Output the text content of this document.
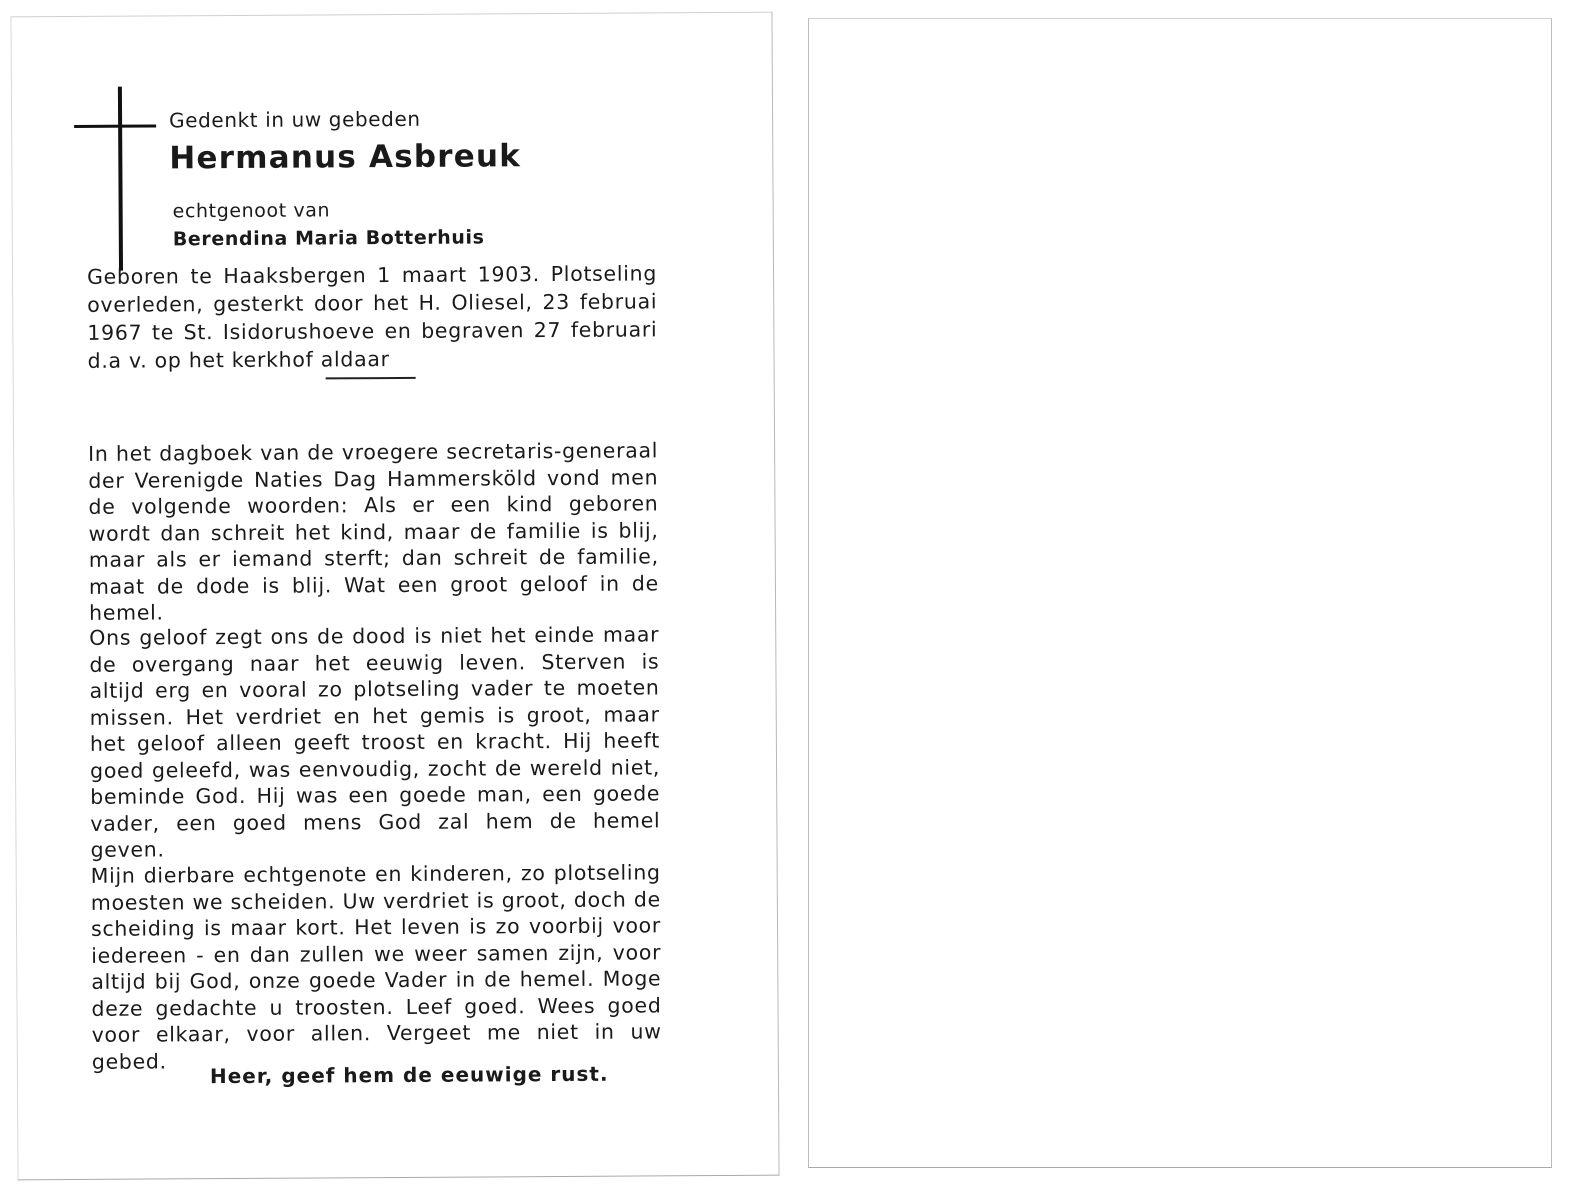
Gedenkt in uw gebeden

Hermanus Asbreuk

echtgenoot van

Berendina Maria Botterhuis

Geboren te Haaksbergen 1 maart 1903. Plotseling overleden, gesterkt door het H. Oliesel, 23 februai 1967 te St. Isidorushoeve en begraven 27 februari d.a v. op het kerkhof aldaar

In het dagboek van de vroegere secretaris-generaal der Verenigde Naties Dag Hammersköld vond men de volgende woorden: Als er een kind geboren wordt dan schreit het kind, maar de familie is blij, maar als er iemand sterft; dan schreit de familie, maat de dode is blij. Wat een groot geloof in de hemel.

Ons geloof zegt ons de dood is niet het einde maar de overgang naar het eeuwig leven. Sterven is altijd erg en vooral zo plotseling vader te moeten missen. Het verdriet en het gemis is groot, maar het geloof alleen geeft troost en kracht. Hij heeft goed geleefd, was eenvoudig, zocht de wereld niet, beminde God. Hij was een goede man, een goede vader, een goed mens God zal hem de hemel geven.

Mijn dierbare echtgenote en kinderen, zo plotseling moesten we scheiden. Uw verdriet is groot, doch de scheiding is maar kort. Het leven is zo voorbij voor iedereen - en dan zullen we weer samen zijn, voor altijd bij God, onze goede Vader in de hemel. Moge deze gedachte u troosten. Leef goed. Wees goed voor elkaar, voor allen. Vergeet me niet in uw gebed.

Heer, geef hem de eeuwige rust.
